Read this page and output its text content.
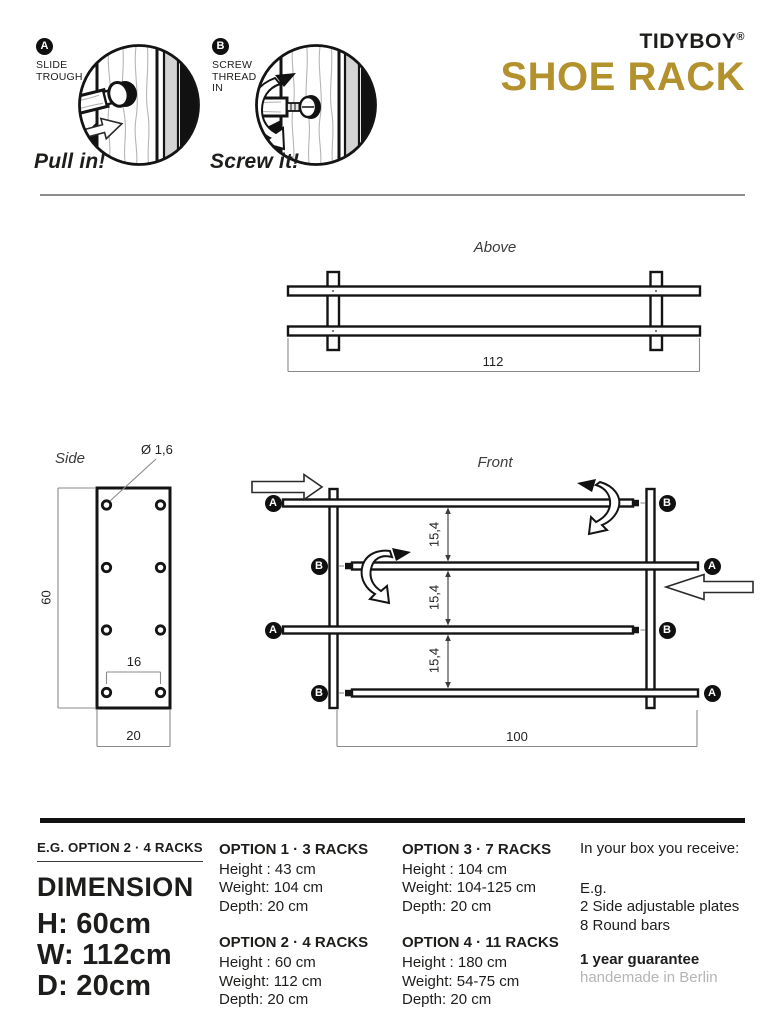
A
SLIDE
TROUGH
Pull in!
B
SCREW
THREAD
IN
Screw it!
TIDYBOY®
SHOE RACK
Above
112
Side
Ø 1,6
60
16
20
Front
15,4
15,4
15,4
100
A	B
B	A
A	B
B	A
E.G. OPTION 2 · 4 RACKS
DIMENSION
H: 60cm
W: 112cm
D: 20cm
OPTION 1 · 3 RACKS
Height : 43 cm
Weight: 104 cm
Depth: 20 cm
OPTION 2 · 4 RACKS
Height : 60 cm
Weight: 112 cm
Depth: 20 cm
OPTION 3 · 7 RACKS
Height : 104 cm
Weight: 104-125 cm
Depth: 20 cm
OPTION 4 · 11 RACKS
Height : 180 cm
Weight: 54-75 cm
Depth: 20 cm
In your box you receive:
E.g.
2 Side adjustable plates
8 Round bars
1 year guarantee
handemade in Berlin
